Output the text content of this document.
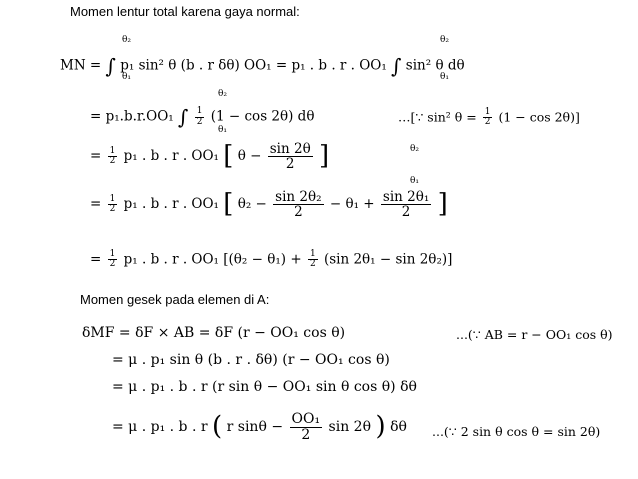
Momen lentur total karena gaya normal:
MN = ∫ p₁ sin² θ (b . r δθ) OO₁ = p₁ . b . r . OO₁ ∫ sin² θ dθ
θ₂
θ₁
θ₂
θ₁
= p₁.b.r.OO₁ ∫ $\frac{1}{2} (1 - \cos 2\theta)$ dθ
θ₂
θ₁
…[∵ sin² $\theta = \frac{1}{2} (1 - \cos 2\theta)$]
= $\frac{1}{2} p_1$ . b . r . OO₁ [ $\theta - \frac{\sin 2\theta}{2}$ ]	θ₂
θ₁
= $\frac{1}{2} p_1$ . b . r . OO₁ [ $\theta_2 - \frac{\text{sin 2θ₂}}{2} - \theta_1 + \frac{\text{sin 2θ₁}}{2}$ ]
= $\frac{1}{2} p_1$ . b . r . OO₁ [$(\theta_2 - \theta_1) + \frac{1}{2} (\sin$ 2θ₁ − sin 2θ₂)]
Momen gesek pada elemen di A:
δMF = δF × AB = δF (r − OO₁ cos θ)	...(∵ AB = r − OO₁ cos θ)
= μ . p₁ sin θ (b . r . δθ) (r − OO₁ cos θ)
= μ . p₁ . b . r (r sin θ − OO₁ sin θ cos θ) δθ
= μ . p₁ . b . r ( r $\sin\theta - \frac{\text{OO₁}}{2}$ sin 2θ ) δθ ...(∵ 2 sin θ cos θ = sin 2θ)
